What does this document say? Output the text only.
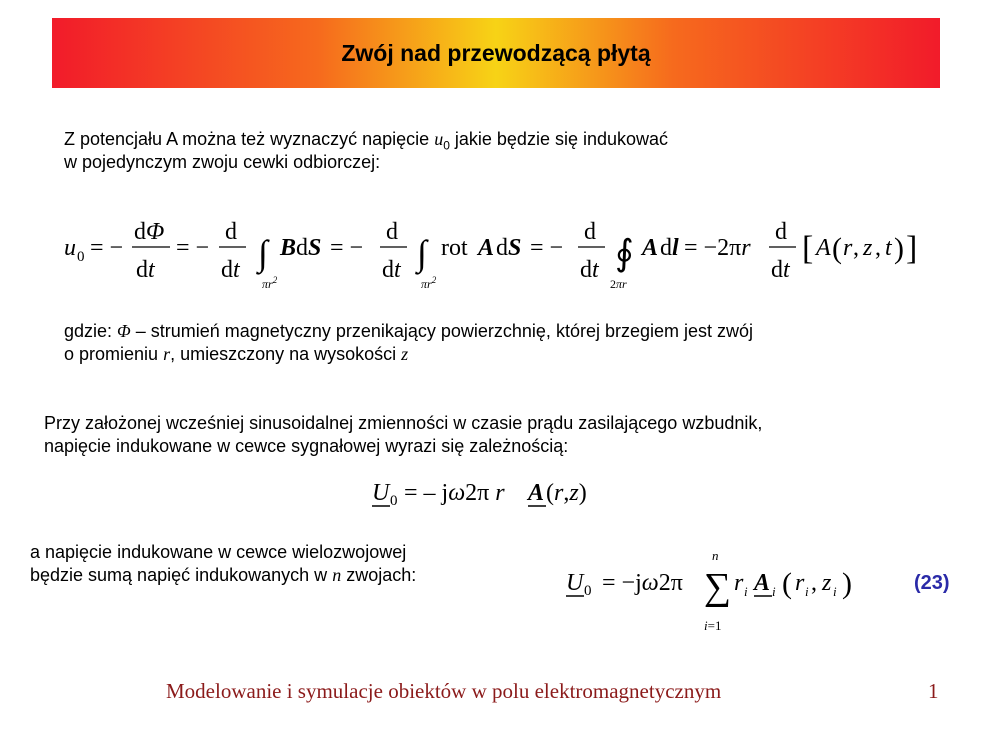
Zwój nad przewodzącą płytą
Z potencjału A można też wyznaczyć napięcie $u_0$ jakie będzie się indukować
w pojedynczym zwoju cewki odbiorczej:
u 0 = −
dΦ
dt
= −
d
dt ∫
$\pi r^2$
B dS = −
d
dt ∫
$\pi r^2$
rot A dS = −
d
dt ∮
2πr
A dl = −2πr
d
dt
[ A ( r , z , t ) ]
gdzie: Φ – strumień magnetyczny przenikający powierzchnię, której brzegiem jest zwój
o promieniu r, umieszczony na wysokości z
Przy założonej wcześniej sinusoidalnej zmienności w czasie prądu zasilającego wzbudnik,
napięcie indukowane w cewce sygnałowej wyrazi się zależnością:
U 0 = – jω2π r A (r,z)
a napięcie indukowane w cewce wielozwojowej
będzie sumą napięć indukowanych w n zwojach:	U 0 = −jω2π
n
∑
i=1
r i A i ( r i , z i )	(23)
Modelowanie i symulacje obiektów w polu elektromagnetycznym	1
